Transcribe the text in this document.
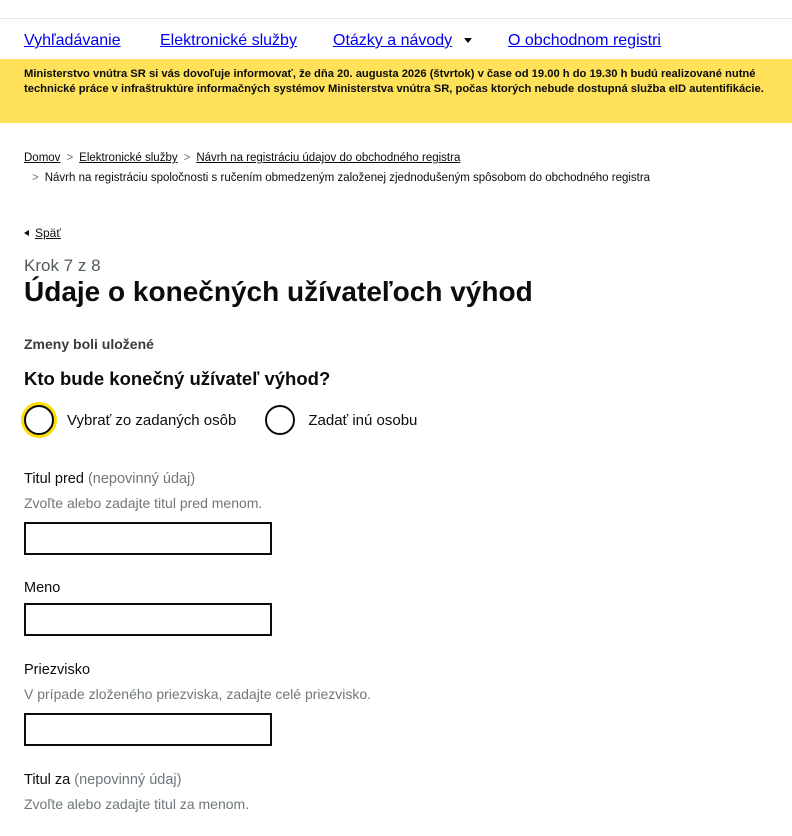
Vyhľadávanie Elektronické služby Otázky a návody	O obchodnom registri
Ministerstvo vnútra SR si vás dovoľuje informovať, že dňa 20. augusta 2026 (štvrtok) v čase od 19.00 h do 19.30 h budú realizované nutné technické práce v infraštruktúre informačných systémov Ministerstva vnútra SR, počas ktorých nebude dostupná služba eID autentifikácie.
Domov > Elektronické služby > Návrh na registráciu údajov do obchodného registra
> Návrh na registráciu spoločnosti s ručením obmedzeným založenej zjednodušeným spôsobom do obchodného registra
Späť
Krok 7 z 8
Údaje o konečných užívateľoch výhod
Zmeny boli uložené
Kto bude konečný užívateľ výhod?
Vybrať zo zadaných osôb	Zadať inú osobu
Titul pred (nepovinný údaj)
Zvoľte alebo zadajte titul pred menom.
Meno
Priezvisko
V prípade zloženého priezviska, zadajte celé priezvisko.
Titul za (nepovinný údaj)
Zvoľte alebo zadajte titul za menom.
